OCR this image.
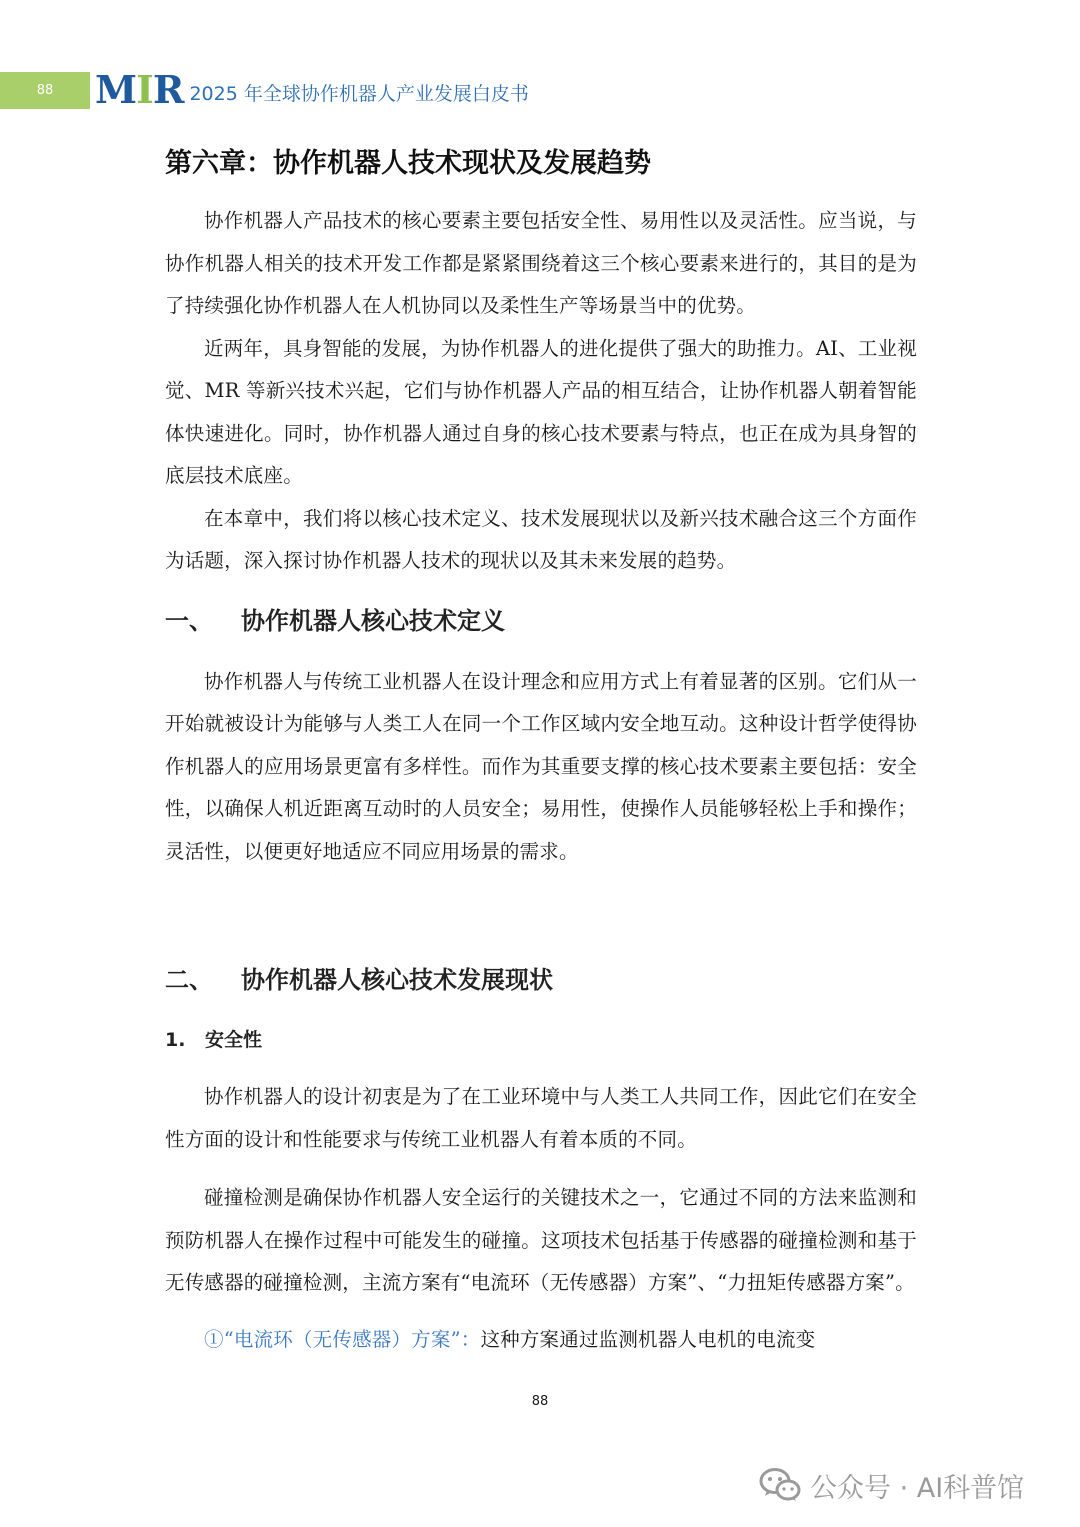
88	MIR 2025 年全球协作机器人产业发展白皮书
第六章：协作机器人技术现状及发展趋势

协作机器人产品技术的核心要素主要包括安全性、易用性以及灵活性。应当说，与协作机器人相关的技术开发工作都是紧紧围绕着这三个核心要素来进行的，其目的是为了持续强化协作机器人在人机协同以及柔性生产等场景当中的优势。

近两年，具身智能的发展，为协作机器人的进化提供了强大的助推力。AI、工业视觉、MR 等新兴技术兴起，它们与协作机器人产品的相互结合，让协作机器人朝着智能体快速进化。同时，协作机器人通过自身的核心技术要素与特点，也正在成为具身智的底层技术底座。

在本章中，我们将以核心技术定义、技术发展现状以及新兴技术融合这三个方面作为话题，深入探讨协作机器人技术的现状以及其未来发展的趋势。

一、 协作机器人核心技术定义

协作机器人与传统工业机器人在设计理念和应用方式上有着显著的区别。它们从一开始就被设计为能够与人类工人在同一个工作区域内安全地互动。这种设计哲学使得协作机器人的应用场景更富有多样性。而作为其重要支撑的核心技术要素主要包括：安全性，以确保人机近距离互动时的人员安全；易用性，使操作人员能够轻松上手和操作；灵活性，以便更好地适应不同应用场景的需求。

二、 协作机器人核心技术发展现状
1. 安全性

协作机器人的设计初衷是为了在工业环境中与人类工人共同工作，因此它们在安全性方面的设计和性能要求与传统工业机器人有着本质的不同。

碰撞检测是确保协作机器人安全运行的关键技术之一，它通过不同的方法来监测和预防机器人在操作过程中可能发生的碰撞。这项技术包括基于传感器的碰撞检测和基于无传感器的碰撞检测，主流方案有“电流环（无传感器）方案”、“力扭矩传感器方案”。

①“电流环（无传感器）方案”：这种方案通过监测机器人电机的电流变

88
公众号 · AI科普馆
